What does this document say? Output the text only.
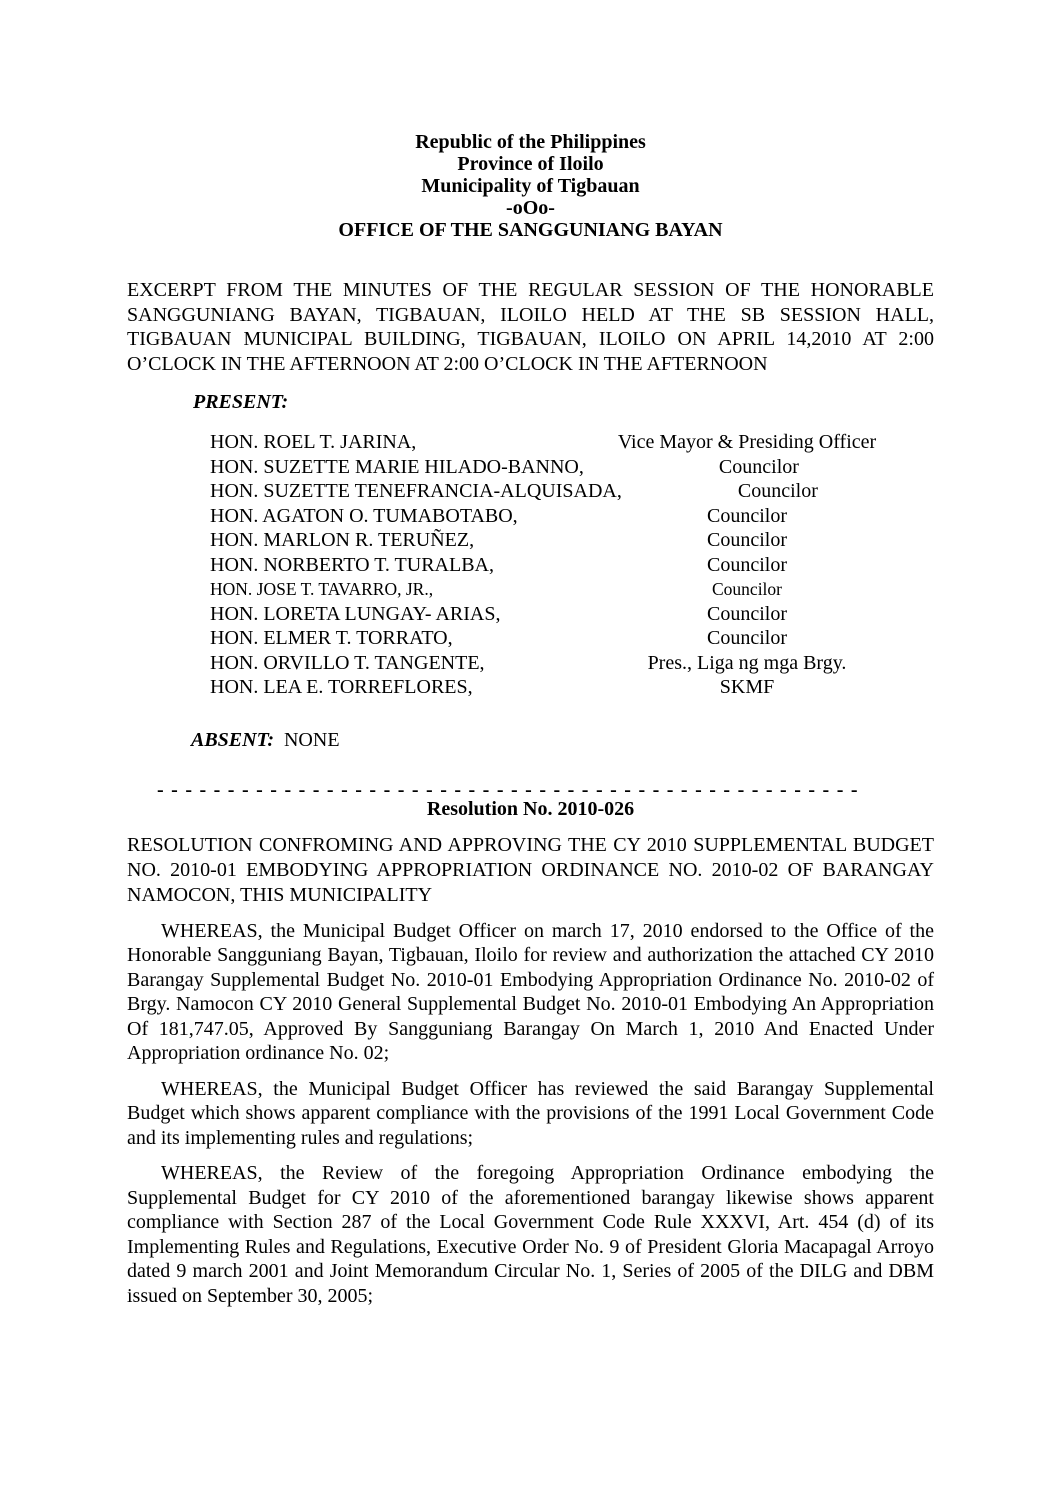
Republic of the Philippines
Province of Iloilo
Municipality of Tigbauan
-oOo-
OFFICE OF THE SANGGUNIANG BAYAN

EXCERPT FROM THE MINUTES OF THE REGULAR SESSION OF THE HONORABLE SANGGUNIANG BAYAN, TIGBAUAN, ILOILO HELD AT THE SB SESSION HALL, TIGBAUAN MUNICIPAL BUILDING, TIGBAUAN, ILOILO ON APRIL 14,2010 AT 2:00 O’CLOCK IN THE AFTERNOON AT 2:00 O’CLOCK IN THE AFTERNOON

PRESENT:
HON. ROEL T. JARINA,	Vice Mayor & Presiding Officer
HON. SUZETTE MARIE HILADO-BANNO,	Councilor
HON. SUZETTE TENEFRANCIA-ALQUISADA,	Councilor
HON. AGATON O. TUMABOTABO,	Councilor
HON. MARLON R. TERUÑEZ,	Councilor
HON. NORBERTO T. TURALBA,	Councilor
HON. JOSE T. TAVARRO, JR.,	Councilor
HON. LORETA LUNGAY- ARIAS,	Councilor
HON. ELMER T. TORRATO,	Councilor
HON. ORVILLO T. TANGENTE,	Pres., Liga ng mga Brgy.
HON. LEA E. TORREFLORES,	SKMF
ABSENT: NONE
- - - - - - - - - - - - - - - - - - - - - - - - - - - - - - - - - - - - - - - - - - - - - - - - - -
Resolution No. 2010-026

RESOLUTION CONFROMING AND APPROVING THE CY 2010 SUPPLEMENTAL BUDGET NO. 2010-01 EMBODYING APPROPRIATION ORDINANCE NO. 2010-02 OF BARANGAY NAMOCON, THIS MUNICIPALITY

WHEREAS, the Municipal Budget Officer on march 17, 2010 endorsed to the Office of the Honorable Sangguniang Bayan, Tigbauan, Iloilo for review and authorization the attached CY 2010 Barangay Supplemental Budget No. 2010-01 Embodying Appropriation Ordinance No. 2010-02 of Brgy. Namocon CY 2010 General Supplemental Budget No. 2010-01 Embodying An Appropriation Of 181,747.05, Approved By Sangguniang Barangay On March 1, 2010 And Enacted Under Appropriation ordinance No. 02;

WHEREAS, the Municipal Budget Officer has reviewed the said Barangay Supplemental Budget which shows apparent compliance with the provisions of the 1991 Local Government Code and its implementing rules and regulations;

WHEREAS, the Review of the foregoing Appropriation Ordinance embodying the Supplemental Budget for CY 2010 of the aforementioned barangay likewise shows apparent compliance with Section 287 of the Local Government Code Rule XXXVI, Art. 454 (d) of its Implementing Rules and Regulations, Executive Order No. 9 of President Gloria Macapagal Arroyo dated 9 march 2001 and Joint Memorandum Circular No. 1, Series of 2005 of the DILG and DBM issued on September 30, 2005;
